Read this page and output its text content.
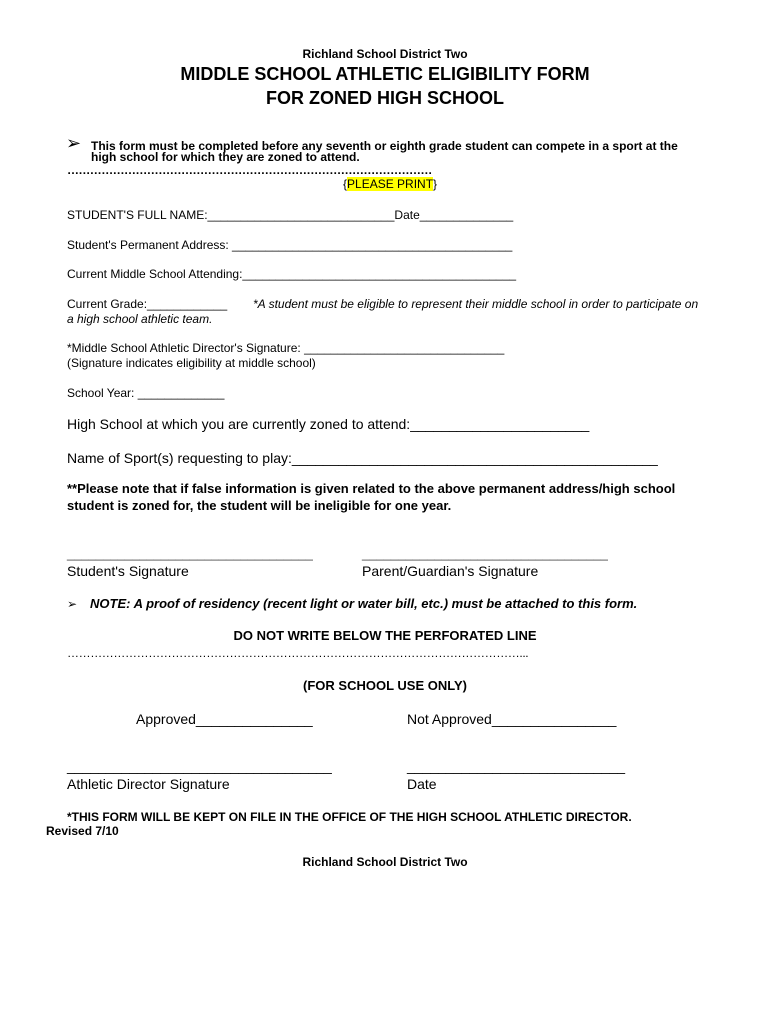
Richland School District Two
MIDDLE SCHOOL ATHLETIC ELIGIBILITY FORM
FOR ZONED HIGH SCHOOL
➢ This form must be completed before any seventh or eighth grade student can compete in a sport at the
high school for which they are zoned to attend.
……………………………………………………………………………………
{PLEASE PRINT}
STUDENT'S FULL NAME:____________________________Date______________
Student's Permanent Address: __________________________________________
Current Middle School Attending:_________________________________________
Current Grade:____________ *A student must be eligible to represent their middle school in order to participate on
a high school athletic team.
*Middle School Athletic Director's Signature: ______________________________
(Signature indicates eligibility at middle school)
School Year: _____________
High School at which you are currently zoned to attend:_______________________
Name of Sport(s) requesting to play:_______________________________________________
**Please note that if false information is given related to the above permanent address/high school
student is zoned for, the student will be ineligible for one year.
__________________________________	__________________________________
Student's Signature	Parent/Guardian's Signature
➢ NOTE: A proof of residency (recent light or water bill, etc.) must be attached to this form.
DO NOT WRITE BELOW THE PERFORATED LINE
………………………………………………………………………………………………………...
(FOR SCHOOL USE ONLY)
Approved_______________	Not Approved________________
__________________________________	____________________________
Athletic Director Signature	Date
*THIS FORM WILL BE KEPT ON FILE IN THE OFFICE OF THE HIGH SCHOOL ATHLETIC DIRECTOR.
Revised 7/10
Richland School District Two
